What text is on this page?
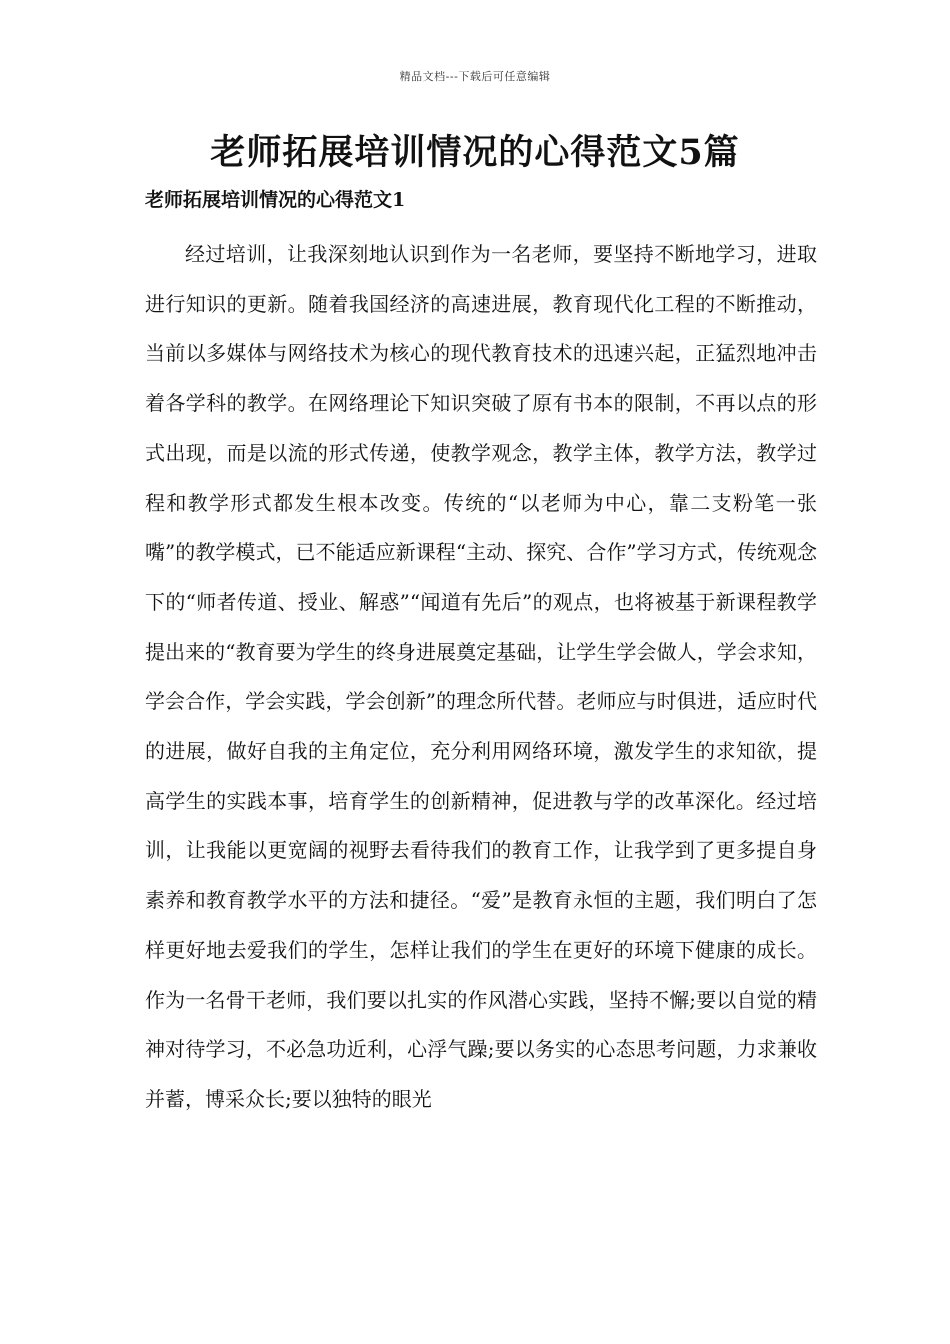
精品文档---下载后可任意编辑
老师拓展培训情况的心得范文5篇
老师拓展培训情况的心得范文1

经过培训，让我深刻地认识到作为一名老师，要坚持不断地学习，进取进行知识的更新。随着我国经济的高速进展，教育现代化工程的不断推动，当前以多媒体与网络技术为核心的现代教育技术的迅速兴起，正猛烈地冲击着各学科的教学。在网络理论下知识突破了原有书本的限制，不再以点的形式出现，而是以流的形式传递，使教学观念，教学主体，教学方法，教学过程和教学形式都发生根本改变。传统的“以老师为中心，靠二支粉笔一张嘴”的教学模式，已不能适应新课程“主动、探究、合作”学习方式，传统观念下的“师者传道、授业、解惑”“闻道有先后”的观点，也将被基于新课程教学提出来的“教育要为学生的终身进展奠定基础，让学生学会做人，学会求知，学会合作，学会实践，学会创新”的理念所代替。老师应与时俱进，适应时代的进展，做好自我的主角定位，充分利用网络环境，激发学生的求知欲，提高学生的实践本事，培育学生的创新精神，促进教与学的改革深化。经过培训，让我能以更宽阔的视野去看待我们的教育工作，让我学到了更多提自身素养和教育教学水平的方法和捷径。“爱”是教育永恒的主题，我们明白了怎样更好地去爱我们的学生，怎样让我们的学生在更好的环境下健康的成长。作为一名骨干老师，我们要以扎实的作风潜心实践，坚持不懈;要以自觉的精神对待学习，不必急功近利，心浮气躁;要以务实的心态思考问题，力求兼收并蓄，博采众长;要以独特的眼光
